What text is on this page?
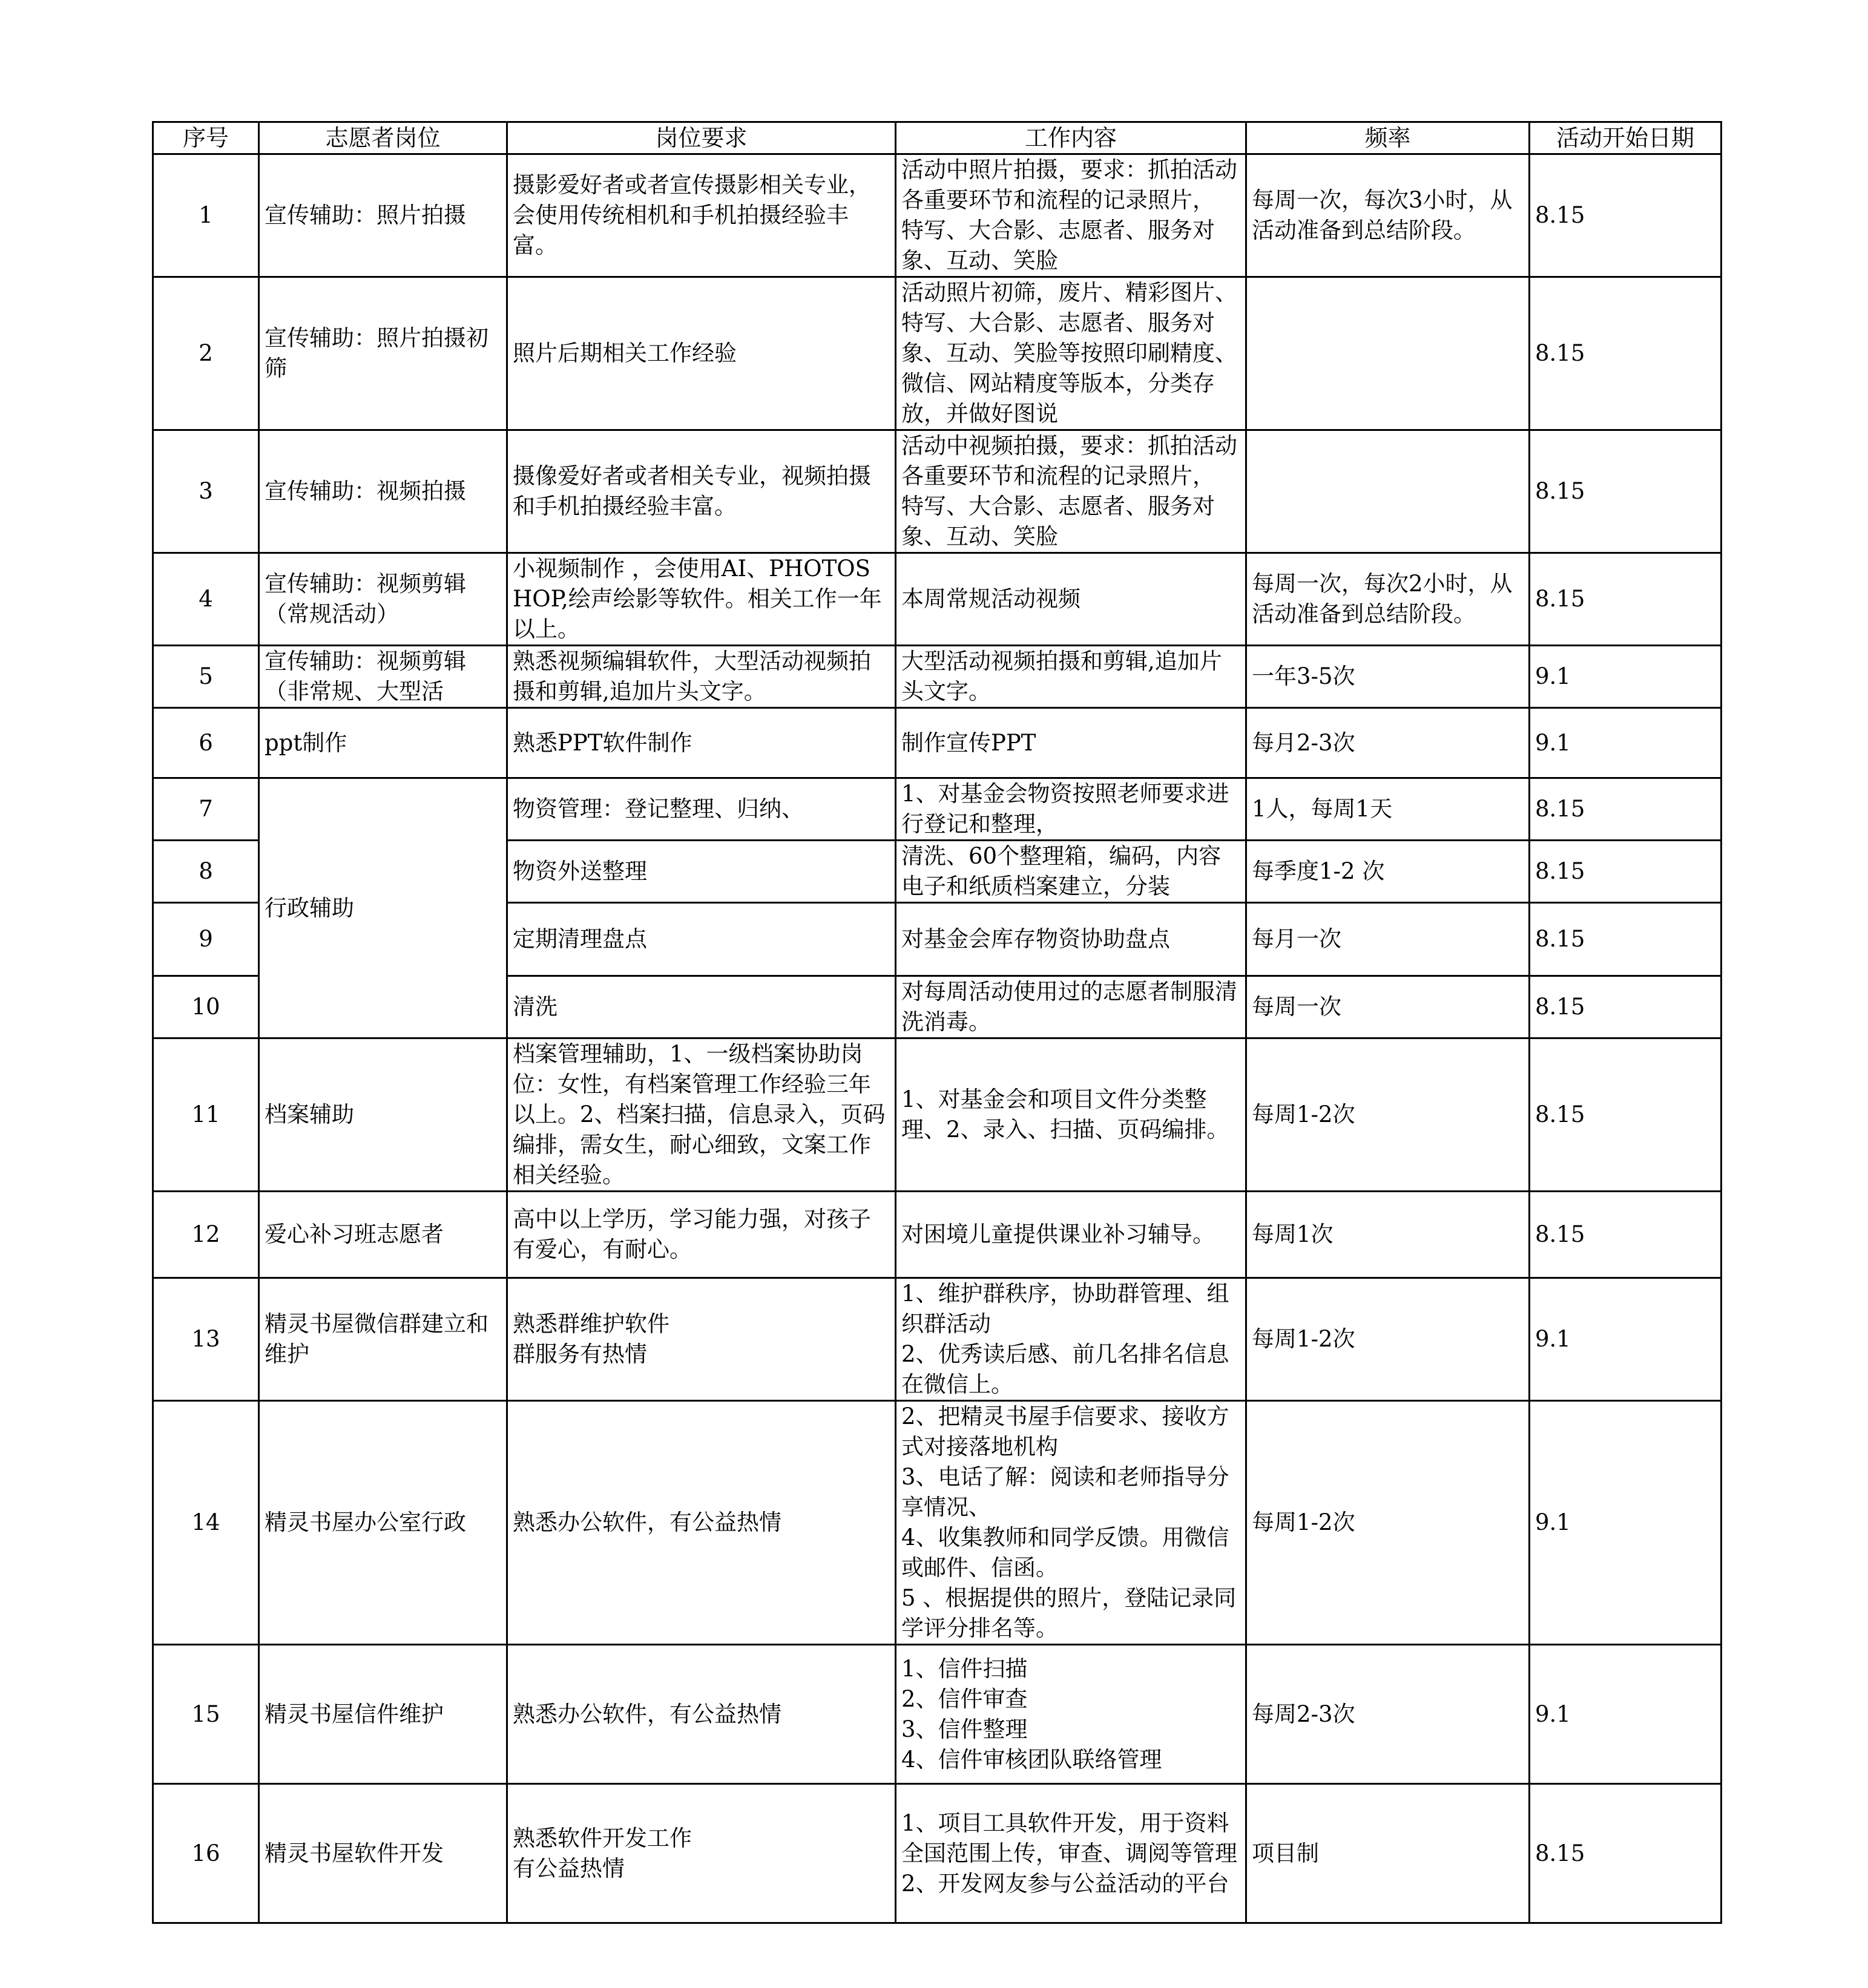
序号	志愿者岗位	岗位要求	工作内容	频率	活动开始日期
1	宣传辅助：照片拍摄	摄影爱好者或者宣传摄影相关专业，会使用传统相机和手机拍摄经验丰富。	活动中照片拍摄，要求：抓拍活动各重要环节和流程的记录照片， 特写、大合影、志愿者、服务对象、互动、笑脸	每周一次，每次3小时，从活动准备到总结阶段。	8.15
2	宣传辅助：照片拍摄初筛	照片后期相关工作经验	活动照片初筛，废片、精彩图片、特写、大合影、志愿者、服务对象、互动、笑脸等按照印刷精度、微信、网站精度等版本，分类存放，并做好图说		8.15
3	宣传辅助：视频拍摄	摄像爱好者或者相关专业，视频拍摄和手机拍摄经验丰富。	活动中视频拍摄，要求：抓拍活动各重要环节和流程的记录照片， 特写、大合影、志愿者、服务对象、互动、笑脸		8.15
4	宣传辅助：视频剪辑（常规活动）	小视频制作 ，会使用AI、PHOTOSHOP,绘声绘影等软件。相关工作一年以上。	本周常规活动视频	每周一次，每次2小时，从活动准备到总结阶段。	8.15
5	宣传辅助：视频剪辑（非常规、大型活	熟悉视频编辑软件，大型活动视频拍摄和剪辑,追加片头文字。	大型活动视频拍摄和剪辑,追加片头文字。	一年3-5次	9.1
6	ppt制作	熟悉PPT软件制作	制作宣传PPT	每月2-3次	9.1
7	行政辅助	物资管理：登记整理、归纳、	1、对基金会物资按照老师要求进行登记和整理，	1人，每周1天	8.15
8		物资外送整理	清洗、60个整理箱，编码，内容电子和纸质档案建立，分装	每季度1-2 次	8.15
9		定期清理盘点	对基金会库存物资协助盘点	每月一次	8.15
10		清洗	对每周活动使用过的志愿者制服清洗消毒。	每周一次	8.15
11	档案辅助	档案管理辅助，1、一级档案协助岗位：女性，有档案管理工作经验三年以上。2、档案扫描，信息录入，页码编排，需女生，耐心细致，文案工作相关经验。	1、对基金会和项目文件分类整理、2、录入、扫描、页码编排。	每周1-2次	8.15
12	爱心补习班志愿者	高中以上学历，学习能力强，对孩子有爱心，有耐心。	对困境儿童提供课业补习辅导。	每周1次	8.15
13	精灵书屋微信群建立和维护	熟悉群维护软件
群服务有热情	1、维护群秩序，协助群管理、组织群活动
2、优秀读后感、前几名排名信息在微信上。	每周1-2次	9.1
14	精灵书屋办公室行政	熟悉办公软件，有公益热情	2、把精灵书屋手信要求、接收方式对接落地机构
3、电话了解：阅读和老师指导分享情况、
4、收集教师和同学反馈。用微信或邮件、信函。
5 、根据提供的照片，登陆记录同学评分排名等。	每周1-2次	9.1
15	精灵书屋信件维护	熟悉办公软件，有公益热情	1、信件扫描
2、信件审查
3、信件整理
4、信件审核团队联络管理	每周2-3次	9.1
16	精灵书屋软件开发	熟悉软件开发工作
有公益热情	1、项目工具软件开发，用于资料全国范围上传，审查、调阅等管理
2、开发网友参与公益活动的平台	项目制	8.15
